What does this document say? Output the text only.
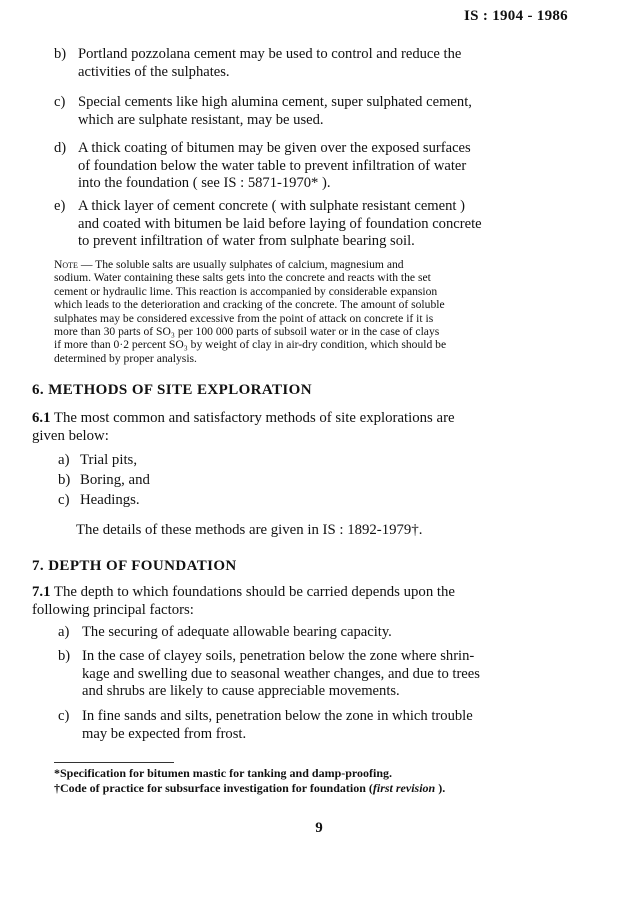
IS : 1904 - 1986
b) Portland pozzolana cement may be used to control and reduce the
activities of the sulphates.
c) Special cements like high alumina cement, super sulphated cement,
which are sulphate resistant, may be used.
d) A thick coating of bitumen may be given over the exposed surfaces
of foundation below the water table to prevent infiltration of water
into the foundation ( see IS : 5871-1970* ).
e) A thick layer of cement concrete ( with sulphate resistant cement )
and coated with bitumen be laid before laying of foundation concrete
to prevent infiltration of water from sulphate bearing soil.
Note — The soluble salts are usually sulphates of calcium, magnesium and
sodium. Water containing these salts gets into the concrete and reacts with the set
cement or hydraulic lime. This reaction is accompanied by considerable expansion
which leads to the deterioration and cracking of the concrete. The amount of soluble
sulphates may be considered excessive from the point of attack on concrete if it is
more than 30 parts of SO₃ per 100 000 parts of subsoil water or in the case of clays
if more than 0·2 percent SO₃ by weight of clay in air-dry condition, which should be
determined by proper analysis.
6. METHODS OF SITE EXPLORATION
6.1 The most common and satisfactory methods of site explorations are
given below:
a) Trial pits,
b) Boring, and
c) Headings.
The details of these methods are given in IS : 1892-1979†.
7. DEPTH OF FOUNDATION
7.1 The depth to which foundations should be carried depends upon the
following principal factors:
a) The securing of adequate allowable bearing capacity.
b) In the case of clayey soils, penetration below the zone where shrin-
kage and swelling due to seasonal weather changes, and due to trees
and shrubs are likely to cause appreciable movements.
c) In fine sands and silts, penetration below the zone in which trouble
may be expected from frost.
*Specification for bitumen mastic for tanking and damp-proofing.
†Code of practice for subsurface investigation for foundation (first revision ).
9
